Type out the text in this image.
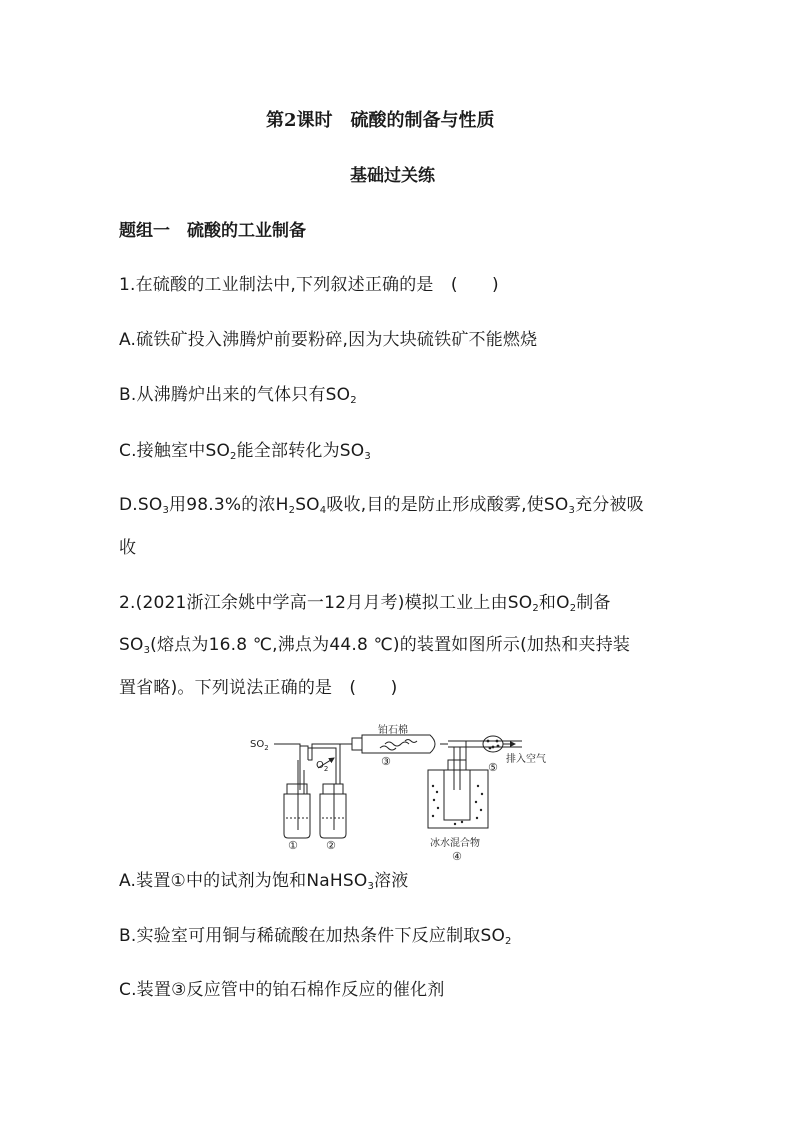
第2课时　硫酸的制备与性质
基础过关练
题组一　硫酸的工业制备
1.在硫酸的工业制法中,下列叙述正确的是　(　　)
A.硫铁矿投入沸腾炉前要粉碎,因为大块硫铁矿不能燃烧
B.从沸腾炉出来的气体只有$SO_2$
C.接触室中$SO_2$能全部转化为$SO_3$
$D.SO_3$用98.3%的浓$H_2SO_4$吸收,目的是防止形成酸雾,使$SO_3$充分被吸
收
2.(2021浙江余姚中学高一12月月考)模拟工业上由$SO_2$和$O_2$制备
$SO_3$(熔点为16.8 ℃,沸点为44.8 ℃)的装置如图所示(加热和夹持装
置省略)。下列说法正确的是　(　　)
$SO_2$
$O_2$
铂石棉
①	②
③
④
⑤
排入空气
冰水混合物
A.装置①中的试剂为饱和NaHSO$_3$溶液
B.实验室可用铜与稀硫酸在加热条件下反应制取$SO_2$
C.装置③反应管中的铂石棉作反应的催化剂
